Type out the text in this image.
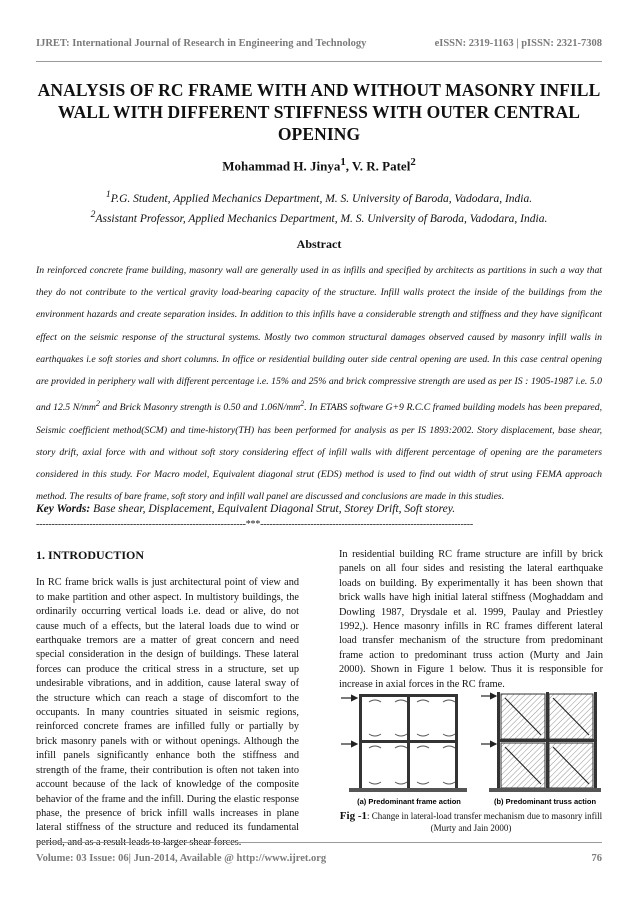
IJRET: International Journal of Research in Engineering and Technology	eISSN: 2319-1163 | pISSN: 2321-7308
ANALYSIS OF RC FRAME WITH AND WITHOUT MASONRY INFILL WALL WITH DIFFERENT STIFFNESS WITH OUTER CENTRAL OPENING
Mohammad H. Jinya$^1$, V. R. Patel$^2$
$^1$P.G. Student, Applied Mechanics Department, M. S. University of Baroda, Vadodara, India.
$^2$Assistant Professor, Applied Mechanics Department, M. S. University of Baroda, Vadodara, India.
Abstract
In reinforced concrete frame building, masonry wall are generally used in as infills and specified by architects as partitions in such a way that they do not contribute to the vertical gravity load-bearing capacity of the structure. Infill walls protect the inside of the buildings from the environment hazards and create separation insides. In addition to this infills have a considerable strength and stiffness and they have significant effect on the seismic response of the structural systems. Mostly two common structural damages observed caused by masonry infill walls in earthquakes i.e soft stories and short columns. In office or residential building outer side central opening are used. In this case central opening are provided in periphery wall with different percentage i.e. 15% and 25% and brick compressive strength are used as per IS : 1905-1987 i.e. 5.0 and 12.5 $N/mm^2$ and Brick Masonry strength is 0.50 and $1.06N/mm^2$. In ETABS software G+9 R.C.C framed building models has been prepared, Seismic coefficient method(SCM) and time-history(TH) has been performed for analysis as per IS 1893:2002. Story displacement, base shear, story drift, axial force with and without soft story considering effect of infill walls with different percentage of opening are the parameters considered in this study. For Macro model, Equivalent diagonal strut (EDS) method is used to find out width of strut using FEMA approach method. The results of bare frame, soft story and infill wall panel are discussed and conclusions are made in this studies.
Key Words: Base shear, Displacement, Equivalent Diagonal Strut, Storey Drift, Soft storey.
-------------------------------------------------------------------***--------------------------------------------------------------------
1. INTRODUCTION

In RC frame brick walls is just architectural point of view and to make partition and other aspect. In multistory buildings, the ordinarily occurring vertical loads i.e. dead or alive, do not cause much of a effects, but the lateral loads due to wind or earthquake tremors are a matter of great concern and need special consideration in the design of buildings. These lateral forces can produce the critical stress in a structure, set up undesirable vibrations, and in addition, cause lateral sway of the structure which can reach a stage of discomfort to the occupants. In many countries situated in seismic regions, reinforced concrete frames are infilled fully or partially by brick masonry panels with or without openings. Although the infill panels significantly enhance both the stiffness and strength of the frame, their contribution is often not taken into account because of the lack of knowledge of the composite behavior of the frame and the infill. During the elastic response phase, the presence of brick infill walls increases in plane lateral stiffness of the structure and reduced its fundamental period, and as a result leads to larger shear forces.

In residential building RC frame structure are infill by brick panels on all four sides and resisting the lateral earthquake loads on building. By experimentally it has been shown that brick walls have high initial lateral stiffness (Moghaddam and Dowling 1987, Drysdale et al. 1999, Paulay and Priestley 1992,). Hence masonry infills in RC frames different lateral load transfer mechanism of the structure from predominant frame action to predominant truss action (Murty and Jain 2000). Shown in Figure 1 below. Thus it is responsible for increase in axial forces in the RC frame.

(a) Predominant frame action	(b) Predominant truss action
Fig -1: Change in lateral-load transfer mechanism due to masonry infill (Murty and Jain 2000)
Volume: 03 Issue: 06| Jun-2014, Available @ http://www.ijret.org	76
